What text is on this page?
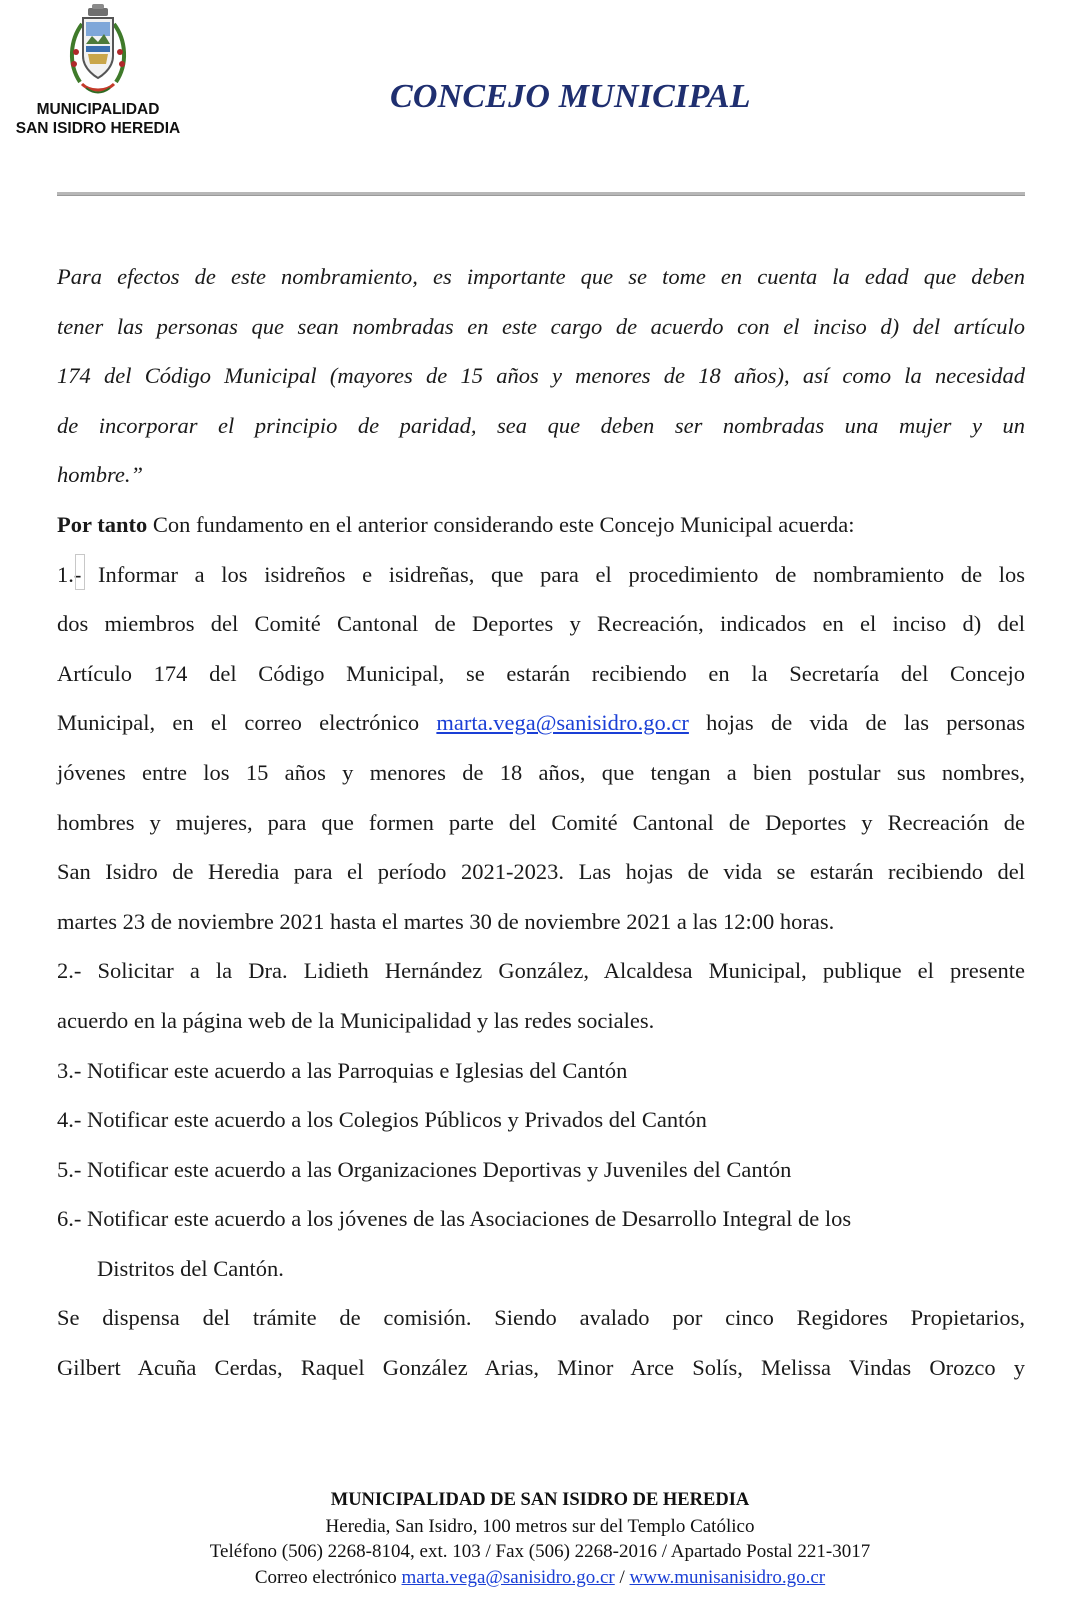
MUNICIPALIDAD
SAN ISIDRO HEREDIA
CONCEJO MUNICIPAL
Para efectos de este nombramiento, es importante que se tome en cuenta la edad que deben
tener las personas que sean nombradas en este cargo de acuerdo con el inciso d) del artículo
174 del Código Municipal (mayores de 15 años y menores de 18 años), así como la necesidad
de incorporar el principio de paridad, sea que deben ser nombradas una mujer y un
hombre.”
Por tanto Con fundamento en el anterior considerando este Concejo Municipal acuerda:
1.- Informar a los isidreños e isidreñas, que para el procedimiento de nombramiento de los
dos miembros del Comité Cantonal de Deportes y Recreación, indicados en el inciso d) del
Artículo 174 del Código Municipal, se estarán recibiendo en la Secretaría del Concejo
Municipal, en el correo electrónico marta.vega@sanisidro.go.cr hojas de vida de las personas
jóvenes entre los 15 años y menores de 18 años, que tengan a bien postular sus nombres,
hombres y mujeres, para que formen parte del Comité Cantonal de Deportes y Recreación de
San Isidro de Heredia para el período 2021-2023. Las hojas de vida se estarán recibiendo del
martes 23 de noviembre 2021 hasta el martes 30 de noviembre 2021 a las 12:00 horas.
2.- Solicitar a la Dra. Lidieth Hernández González, Alcaldesa Municipal, publique el presente
acuerdo en la página web de la Municipalidad y las redes sociales.
3.- Notificar este acuerdo a las Parroquias e Iglesias del Cantón
4.- Notificar este acuerdo a los Colegios Públicos y Privados del Cantón
5.- Notificar este acuerdo a las Organizaciones Deportivas y Juveniles del Cantón
6.- Notificar este acuerdo a los jóvenes de las Asociaciones de Desarrollo Integral de los
Distritos del Cantón.
Se dispensa del trámite de comisión. Siendo avalado por cinco Regidores Propietarios,
Gilbert Acuña Cerdas, Raquel González Arias, Minor Arce Solís, Melissa Vindas Orozco y
MUNICIPALIDAD DE SAN ISIDRO DE HEREDIA
Heredia, San Isidro, 100 metros sur del Templo Católico
Teléfono (506) 2268-8104, ext. 103 / Fax (506) 2268-2016 / Apartado Postal 221-3017
Correo electrónico marta.vega@sanisidro.go.cr / www.munisanisidro.go.cr
